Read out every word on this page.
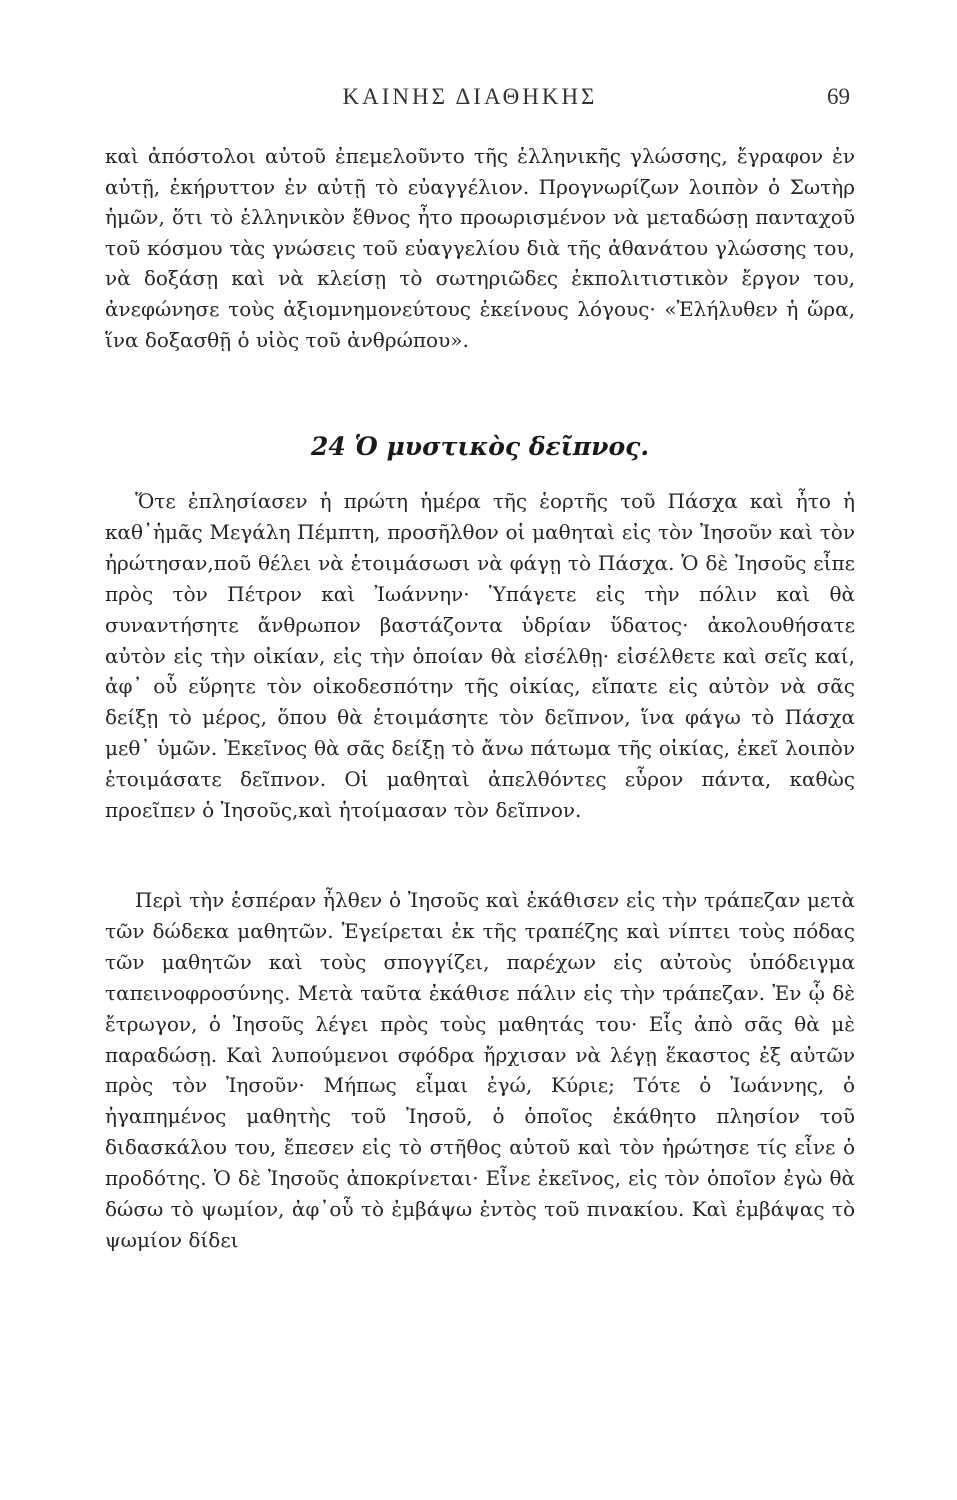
ΚΑΙΝΗΣ ΔΙΑΘΗΚΗΣ	69

καὶ ἀπόστολοι αὐτοῦ ἐπεμελοῦντο τῆς ἑλληνικῆς γλώσσης, ἔγραφον ἐν αὐτῇ, ἐκήρυττον ἐν αὐτῇ τὸ εὐαγγέλιον. Προγνωρίζων λοιπὸν ὁ Σωτὴρ ἡμῶν, ὅτι τὸ ἑλληνικὸν ἔθνος ἦτο προωρισμένον νὰ μεταδώσῃ πανταχοῦ τοῦ κόσμου τὰς γνώσεις τοῦ εὐαγγελίου διὰ τῆς ἀθανάτου γλώσσης του, νὰ δοξάσῃ καὶ νὰ κλείσῃ τὸ σωτηριῶδες ἐκπολιτιστικὸν ἔργον του, ἀνεφώνησε τοὺς ἀξιομνημονεύτους ἐκείνους λόγους· «Ἐλήλυθεν ἡ ὥρα, ἵνα δοξασθῇ ὁ υἱὸς τοῦ ἀνθρώπου».

24 Ὁ μυστικὸς δεῖπνος.

Ὅτε ἐπλησίασεν ἡ πρώτη ἡμέρα τῆς ἑορτῆς τοῦ Πάσχα καὶ ἦτο ἡ καθ᾽ἡμᾶς Μεγάλη Πέμπτη, προσῆλθον οἱ μαθηταὶ εἰς τὸν Ἰησοῦν καὶ τὸν ἠρώτησαν,ποῦ θέλει νὰ ἑτοιμάσωσι νὰ φάγῃ τὸ Πάσχα. Ὁ δὲ Ἰησοῦς εἶπε πρὸς τὸν Πέτρον καὶ Ἰωάννην· Ὑπάγετε εἰς τὴν πόλιν καὶ θὰ συναντήσητε ἄνθρωπον βαστάζοντα ὑδρίαν ὕδατος· ἀκολουθήσατε αὐτὸν εἰς τὴν οἰκίαν, εἰς τὴν ὁποίαν θὰ εἰσέλθῃ· εἰσέλθετε καὶ σεῖς καί, ἀφ᾽ οὗ εὕρητε τὸν οἰκοδεσπότην τῆς οἰκίας, εἴπατε εἰς αὐτὸν νὰ σᾶς δείξῃ τὸ μέρος, ὅπου θὰ ἑτοιμάσητε τὸν δεῖπνον, ἵνα φάγω τὸ Πάσχα μεθ᾽ ὑμῶν. Ἐκεῖνος θὰ σᾶς δείξῃ τὸ ἄνω πάτωμα τῆς οἰκίας, ἐκεῖ λοιπὸν ἑτοιμάσατε δεῖπνον. Οἱ μαθηταὶ ἀπελθόντες εὗρον πάντα, καθὼς προεῖπεν ὁ Ἰησοῦς,καὶ ἡτοίμασαν τὸν δεῖπνον.

Περὶ τὴν ἑσπέραν ἦλθεν ὁ Ἰησοῦς καὶ ἐκάθισεν εἰς τὴν τράπεζαν μετὰ τῶν δώδεκα μαθητῶν. Ἐγείρεται ἐκ τῆς τραπέζης καὶ νίπτει τοὺς πόδας τῶν μαθητῶν καὶ τοὺς σπογγίζει, παρέχων εἰς αὐτοὺς ὑπόδειγμα ταπεινοφροσύνης. Μετὰ ταῦτα ἐκάθισε πάλιν εἰς τὴν τράπεζαν. Ἐν ᾧ δὲ ἔτρωγον, ὁ Ἰησοῦς λέγει πρὸς τοὺς μαθητάς του· Εἷς ἀπὸ σᾶς θὰ μὲ παραδώσῃ. Καὶ λυπούμενοι σφόδρα ἤρχισαν νὰ λέγῃ ἕκαστος ἐξ αὐτῶν πρὸς τὸν Ἰησοῦν· Μήπως εἶμαι ἐγώ, Κύριε; Τότε ὁ Ἰωάννης, ὁ ἠγαπημένος μαθητὴς τοῦ Ἰησοῦ, ὁ ὁποῖος ἐκάθητο πλησίον τοῦ διδασκάλου του, ἔπεσεν εἰς τὸ στῆθος αὐτοῦ καὶ τὸν ἠρώτησε τίς εἶνε ὁ προδότης. Ὁ δὲ Ἰησοῦς ἀποκρίνεται· Εἶνε ἐκεῖνος, εἰς τὸν ὁποῖον ἐγὼ θὰ δώσω τὸ ψωμίον, ἀφ᾽οὗ τὸ ἐμβάψω ἐντὸς τοῦ πινακίου. Καὶ ἐμβάψας τὸ ψωμίον δίδει
